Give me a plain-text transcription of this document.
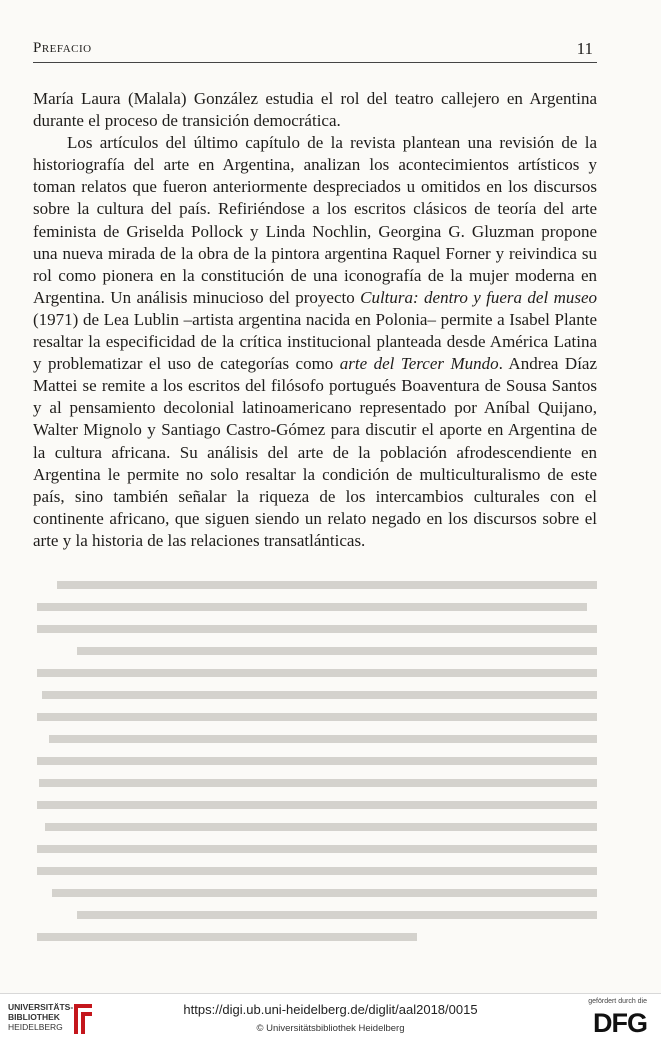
Prefacio	11

María Laura (Malala) González estudia el rol del teatro callejero en Argentina durante el proceso de transición democrática.

Los artículos del último capítulo de la revista plantean una revisión de la historiografía del arte en Argentina, analizan los acontecimientos artísticos y toman relatos que fueron anteriormente despreciados u omitidos en los discursos sobre la cultura del país. Refiriéndose a los escritos clásicos de teoría del arte feminista de Griselda Pollock y Linda Nochlin, Georgina G. Gluzman propone una nueva mirada de la obra de la pintora argentina Raquel Forner y reivindica su rol como pionera en la constitución de una iconografía de la mujer moderna en Argentina. Un análisis minucioso del proyecto Cultura: dentro y fuera del museo (1971) de Lea Lublin –artista argentina nacida en Polonia– permite a Isabel Plante resaltar la especificidad de la crítica institucional planteada desde América Latina y problematizar el uso de categorías como arte del Tercer Mundo. Andrea Díaz Mattei se remite a los escritos del filósofo portugués Boaventura de Sousa Santos y al pensamiento decolonial latinoamericano representado por Aníbal Quijano, Walter Mignolo y Santiago Castro-Gómez para discutir el aporte en Argentina de la cultura africana. Su análisis del arte de la población afrodescendiente en Argentina le permite no solo resaltar la condición de multiculturalismo de este país, sino también señalar la riqueza de los intercambios culturales con el continente africano, que siguen siendo un relato negado en los discursos sobre el arte y la historia de las relaciones transatlánticas.

UNIVERSITÄTS-
BIBLIOTHEK
HEIDELBERG
https://digi.ub.uni-heidelberg.de/diglit/aal2018/0015
© Universitätsbibliothek Heidelberg
gefördert durch die
DFG
